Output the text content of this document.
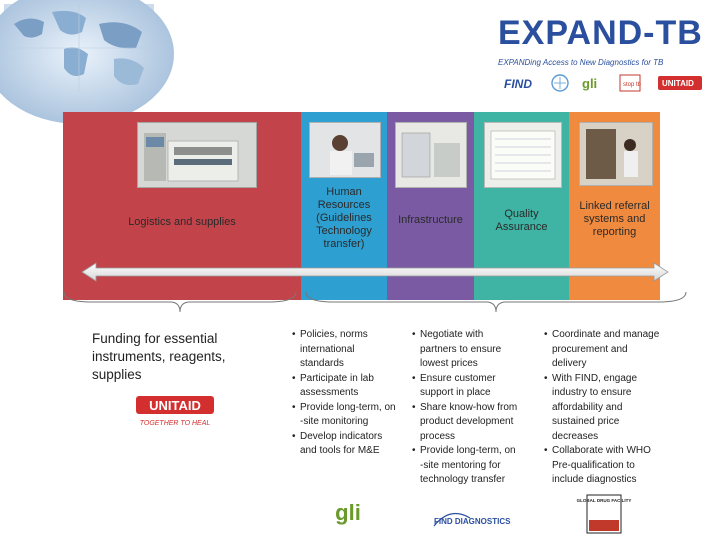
EXPAND-TB
EXPANDing Access to New Diagnostics for TB
FIND	gli	stop tb	UNITAID
Logistics and supplies
Human
Resources
(Guidelines
Technology
transfer)
Infrastructure	Quality
Assurance
Linked referral
systems and
reporting
Funding for essential
instruments, reagents,
supplies
UNITAID
TOGETHER TO HEAL
• Policies, norms
international
standards
• Participate in lab
assessments
• Provide long-term, on
-site monitoring
• Develop indicators
and tools for M&E
• Negotiate with
partners to ensure
lowest prices
• Ensure customer
support in place
• Share know-how from
product development
process
• Provide long-term, on
-site mentoring for
technology transfer
• Coordinate and manage
procurement and
delivery
• With FIND, engage
industry to ensure
affordability and
sustained price
decreases
• Collaborate with WHO
Pre-qualification to
include diagnostics
gli	FIND DIAGNOSTICS
GLOBAL DRUG FACILITY
